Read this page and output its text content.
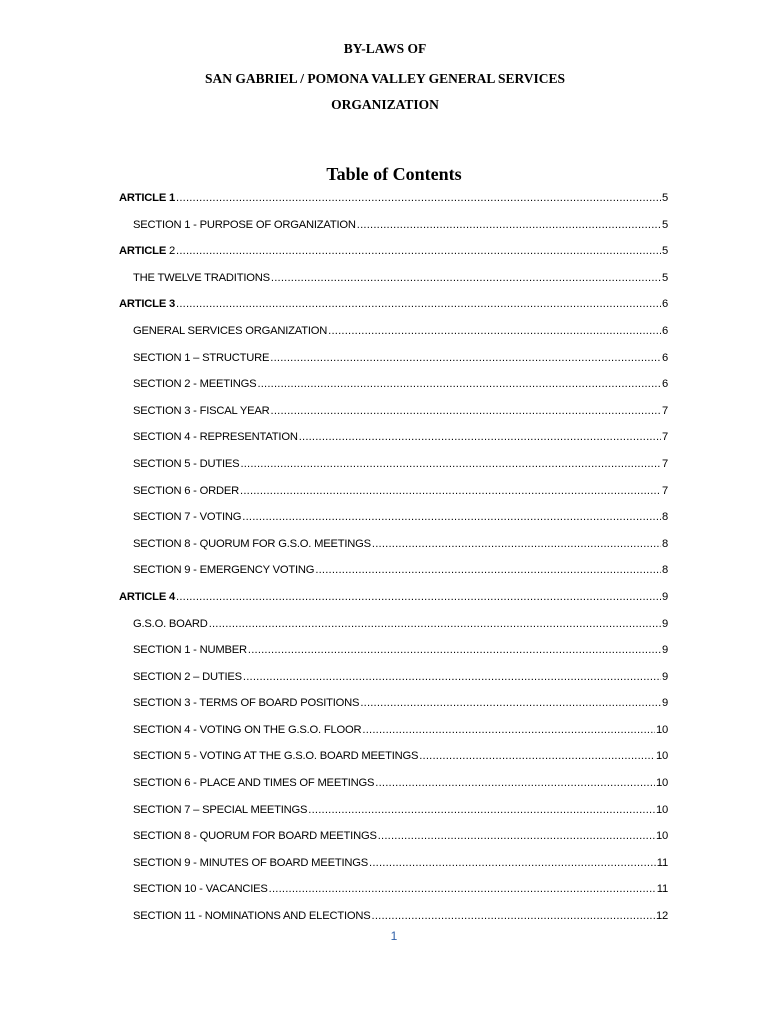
BY-LAWS OF
SAN GABRIEL / POMONA VALLEY GENERAL SERVICES
ORGANIZATION
Table of Contents
ARTICLE 1 .....	5
SECTION 1 - PURPOSE OF ORGANIZATION .....	5
ARTICLE 2 .....	5
THE TWELVE TRADITIONS .....	5
ARTICLE 3 .....	6
GENERAL SERVICES ORGANIZATION .....	6
SECTION 1 – STRUCTURE .....	6
SECTION 2 - MEETINGS .....	6
SECTION 3 - FISCAL YEAR .....	7
SECTION 4 - REPRESENTATION .....	7
SECTION 5 - DUTIES .....	7
SECTION 6 - ORDER .....	7
SECTION 7 - VOTING .....	8
SECTION 8 - QUORUM FOR G.S.O. MEETINGS .....	8
SECTION 9 - EMERGENCY VOTING .....	8
ARTICLE 4 .....	9
G.S.O. BOARD .....	9
SECTION 1 - NUMBER .....	9
SECTION 2 – DUTIES .....	9
SECTION 3 - TERMS OF BOARD POSITIONS .....	9
SECTION 4 - VOTING ON THE G.S.O. FLOOR .....	10
SECTION 5 - VOTING AT THE G.S.O. BOARD MEETINGS .....	10
SECTION 6 - PLACE AND TIMES OF MEETINGS .....	10
SECTION 7 – SPECIAL MEETINGS .....	10
SECTION 8 - QUORUM FOR BOARD MEETINGS .....	10
SECTION 9 - MINUTES OF BOARD MEETINGS .....	11
SECTION 10 - VACANCIES .....	11
SECTION 11 - NOMINATIONS AND ELECTIONS .....	12
1
